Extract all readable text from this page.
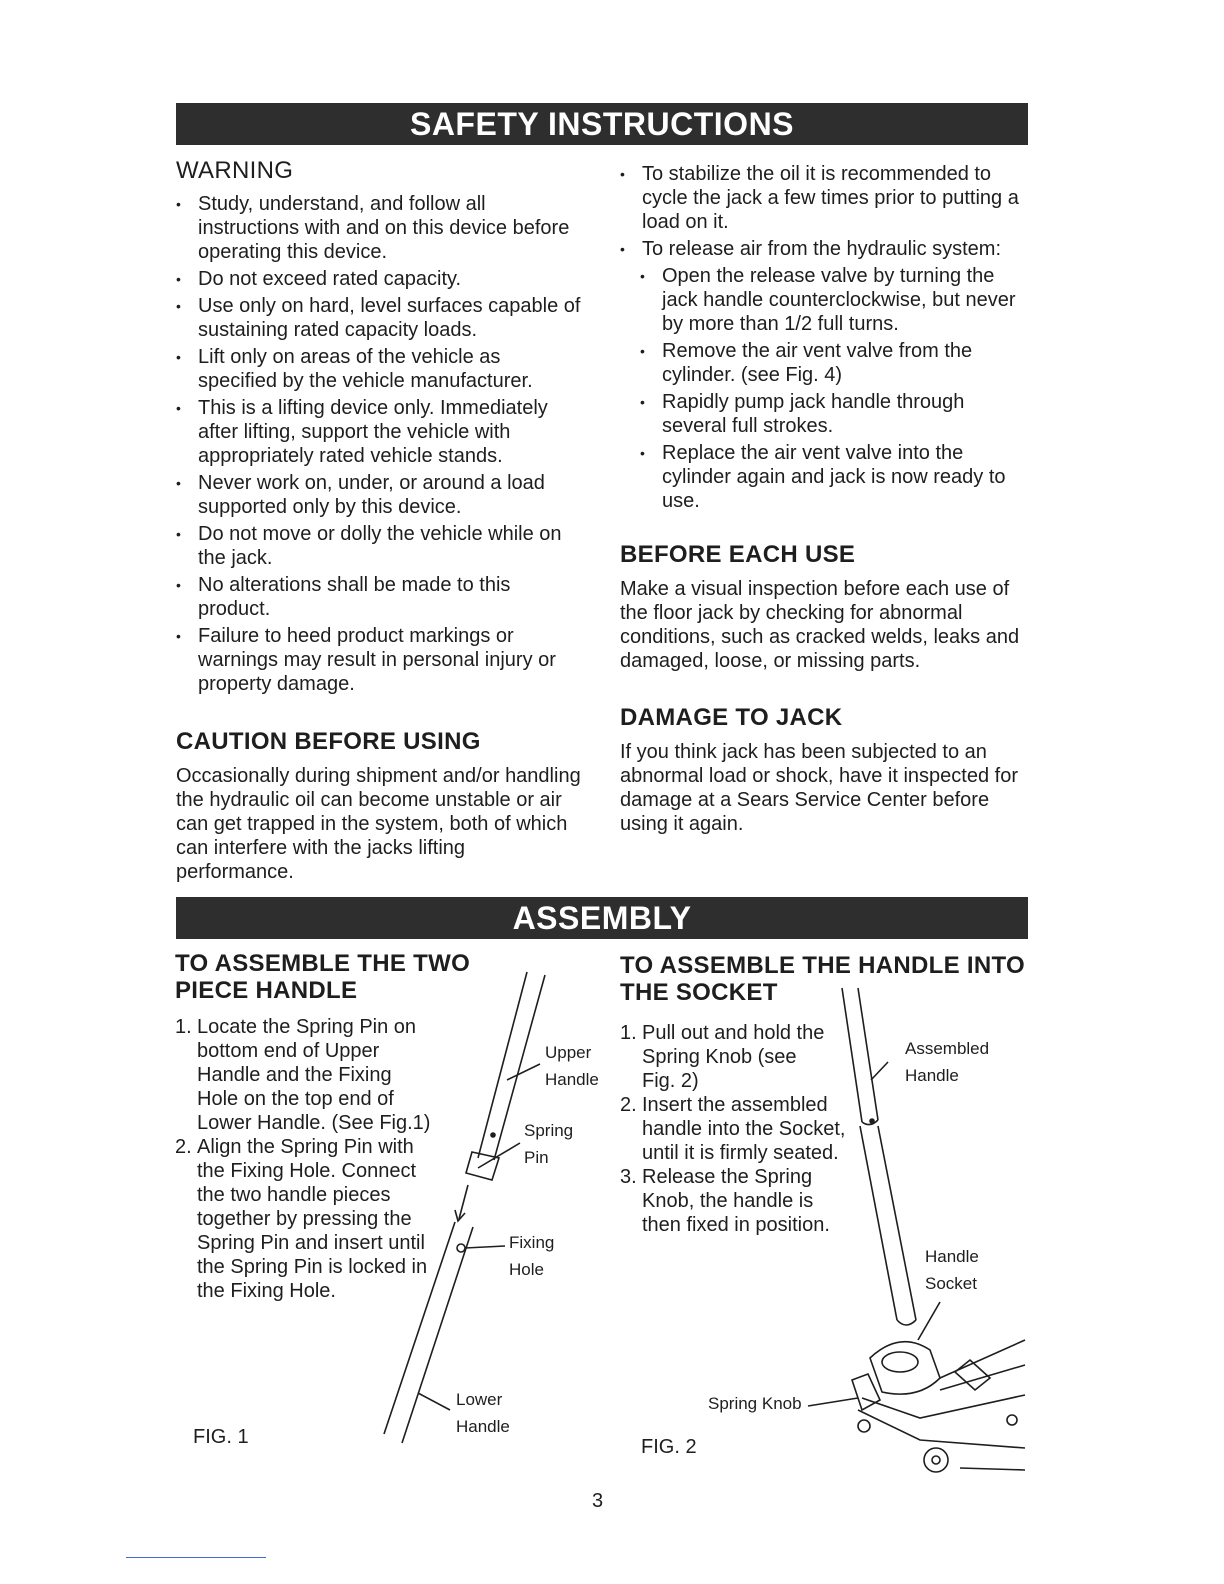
SAFETY INSTRUCTIONS
WARNING
• Study, understand, and follow all instructions with and on this device before operating this device.
• Do not exceed rated capacity.
• Use only on hard, level surfaces capable of sustaining rated capacity loads.
• Lift only on areas of the vehicle as specified by the vehicle manufacturer.
• This is a lifting device only. Immediately after lifting, support the vehicle with appropriately rated vehicle stands.
• Never work on, under, or around a load supported only by this device.
• Do not move or dolly the vehicle while on the jack.
• No alterations shall be made to this product.
• Failure to heed product markings or warnings may result in personal injury or property damage.
CAUTION BEFORE USING

Occasionally during shipment and/or handling the hydraulic oil can become unstable or air can get trapped in the system, both of which can interfere with the jacks lifting performance.

• To stabilize the oil it is recommended to cycle the jack a few times prior to putting a load on it.
• To release air from the hydraulic system:
• Open the release valve by turning the jack handle counterclockwise, but never by more than 1/2 full turns.
• Remove the air vent valve from the cylinder. (see Fig. 4)
• Rapidly pump jack handle through several full strokes.
• Replace the air vent valve into the cylinder again and jack is now ready to use.
BEFORE EACH USE

Make a visual inspection before each use of the floor jack by checking for abnormal conditions, such as cracked welds, leaks and damaged, loose, or missing parts.

DAMAGE TO JACK

If you think jack has been subjected to an abnormal load or shock, have it inspected for damage at a Sears Service Center before using it again.

ASSEMBLY
TO ASSEMBLE THE TWO
PIECE HANDLE
1. Locate the Spring Pin on bottom end of Upper Handle and the Fixing Hole on the top end of Lower Handle. (See Fig.1)
2. Align the Spring Pin with the Fixing Hole. Connect the two handle pieces together by pressing the Spring Pin and insert until the Spring Pin is locked in the Fixing Hole.
Upper
Handle
Spring
Pin
Fixing
Hole
Lower
Handle
FIG. 1
TO ASSEMBLE THE HANDLE INTO
THE SOCKET
1. Pull out and hold the Spring Knob (see Fig. 2)
2. Insert the assembled handle into the Socket, until it is firmly seated.
3. Release the Spring Knob, the handle is then fixed in position.
Assembled
Handle
Handle
Socket
Spring Knob
FIG. 2
3
